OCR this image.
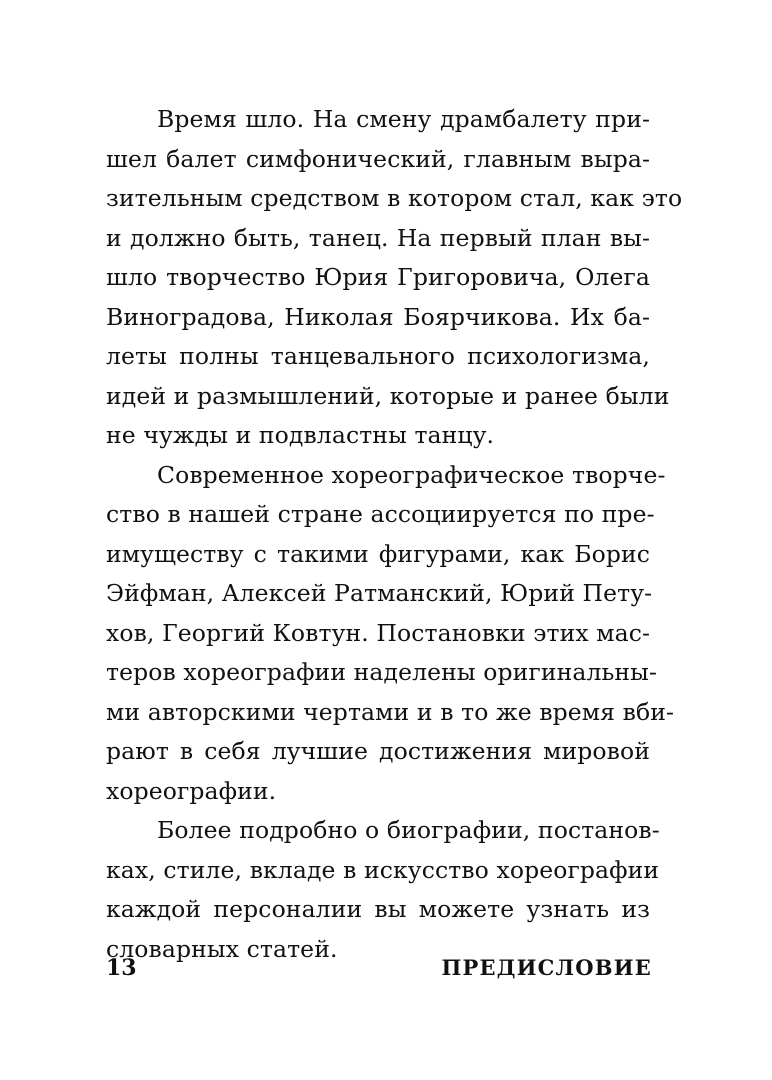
Время шло. На смену драмбалету при-
шел балет симфонический, главным выра-
зительным средством в котором стал, как это
и должно быть, танец. На первый план вы-
шло творчество Юрия Григоровича, Олега
Виноградова, Николая Боярчикова. Их ба-
леты полны танцевального психологизма,
идей и размышлений, которые и ранее были
не чужды и подвластны танцу.
Современное хореографическое творче-
ство в нашей стране ассоциируется по пре-
имуществу с такими фигурами, как Борис
Эйфман, Алексей Ратманский, Юрий Пету-
хов, Георгий Ковтун. Постановки этих мас-
теров хореографии наделены оригинальны-
ми авторскими чертами и в то же время вби-
рают в себя лучшие достижения мировой
хореографии.
Более подробно о биографии, постанов-
ках, стиле, вкладе в искусство хореографии
каждой персоналии вы можете узнать из
словарных статей.
13	ПРЕДИСЛОВИЕ
